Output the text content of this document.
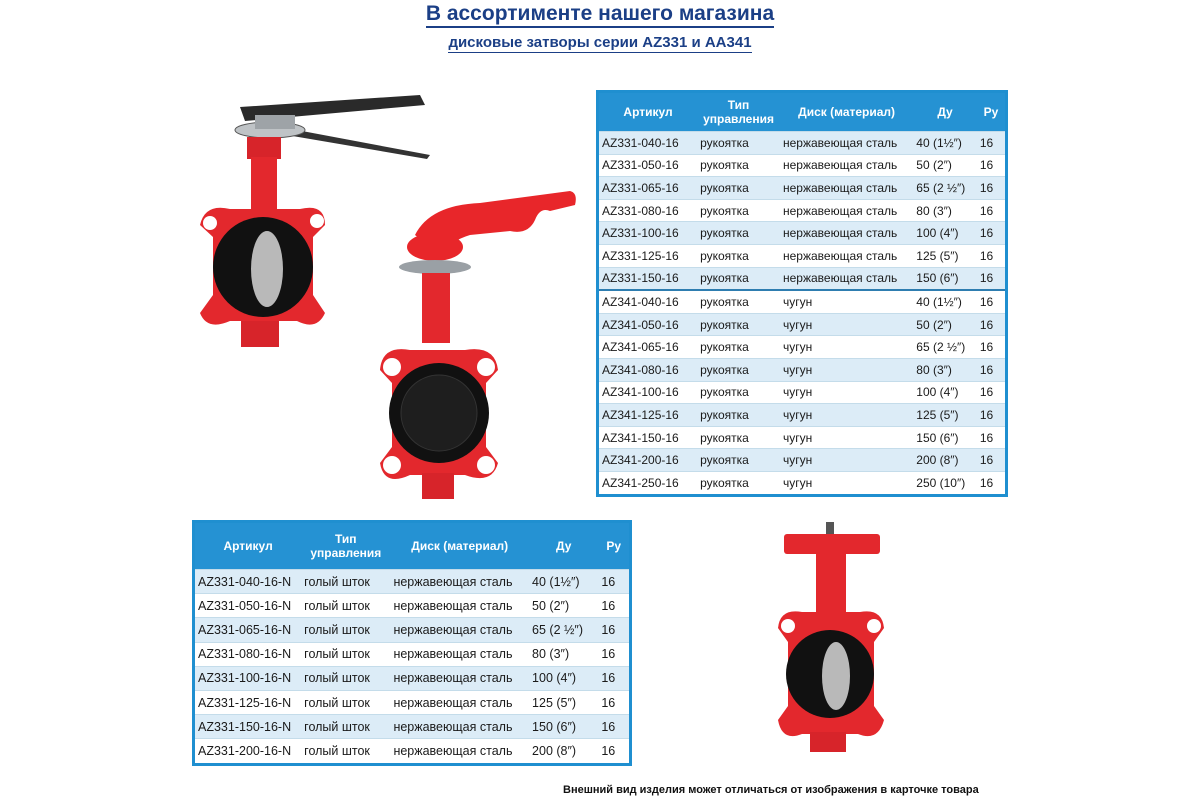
В ассортименте нашего магазина
дисковые затворы серии AZ331 и AA341
Артикул	Тип управления	Диск (материал)	Ду	Ру
AZ331-040-16	рукоятка	нержавеющая сталь	40 (1½″)	16
AZ331-050-16	рукоятка	нержавеющая сталь	50 (2″)	16
AZ331-065-16	рукоятка	нержавеющая сталь	65 (2 ½″)	16
AZ331-080-16	рукоятка	нержавеющая сталь	80 (3″)	16
AZ331-100-16	рукоятка	нержавеющая сталь	100 (4″)	16
AZ331-125-16	рукоятка	нержавеющая сталь	125 (5″)	16
AZ331-150-16	рукоятка	нержавеющая сталь	150 (6″)	16
AZ341-040-16	рукоятка	чугун	40 (1½″)	16
AZ341-050-16	рукоятка	чугун	50 (2″)	16
AZ341-065-16	рукоятка	чугун	65 (2 ½″)	16
AZ341-080-16	рукоятка	чугун	80 (3″)	16
AZ341-100-16	рукоятка	чугун	100 (4″)	16
AZ341-125-16	рукоятка	чугун	125 (5″)	16
AZ341-150-16	рукоятка	чугун	150 (6″)	16
AZ341-200-16	рукоятка	чугун	200 (8″)	16
AZ341-250-16	рукоятка	чугун	250 (10″)	16
Артикул	Тип управления	Диск (материал)	Ду	Ру
AZ331-040-16-N	голый шток	нержавеющая сталь	40 (1½″)	16
AZ331-050-16-N	голый шток	нержавеющая сталь	50 (2″)	16
AZ331-065-16-N	голый шток	нержавеющая сталь	65 (2 ½″)	16
AZ331-080-16-N	голый шток	нержавеющая сталь	80 (3″)	16
AZ331-100-16-N	голый шток	нержавеющая сталь	100 (4″)	16
AZ331-125-16-N	голый шток	нержавеющая сталь	125 (5″)	16
AZ331-150-16-N	голый шток	нержавеющая сталь	150 (6″)	16
AZ331-200-16-N	голый шток	нержавеющая сталь	200 (8″)	16
Внешний вид изделия может отличаться от изображения в карточке товара
